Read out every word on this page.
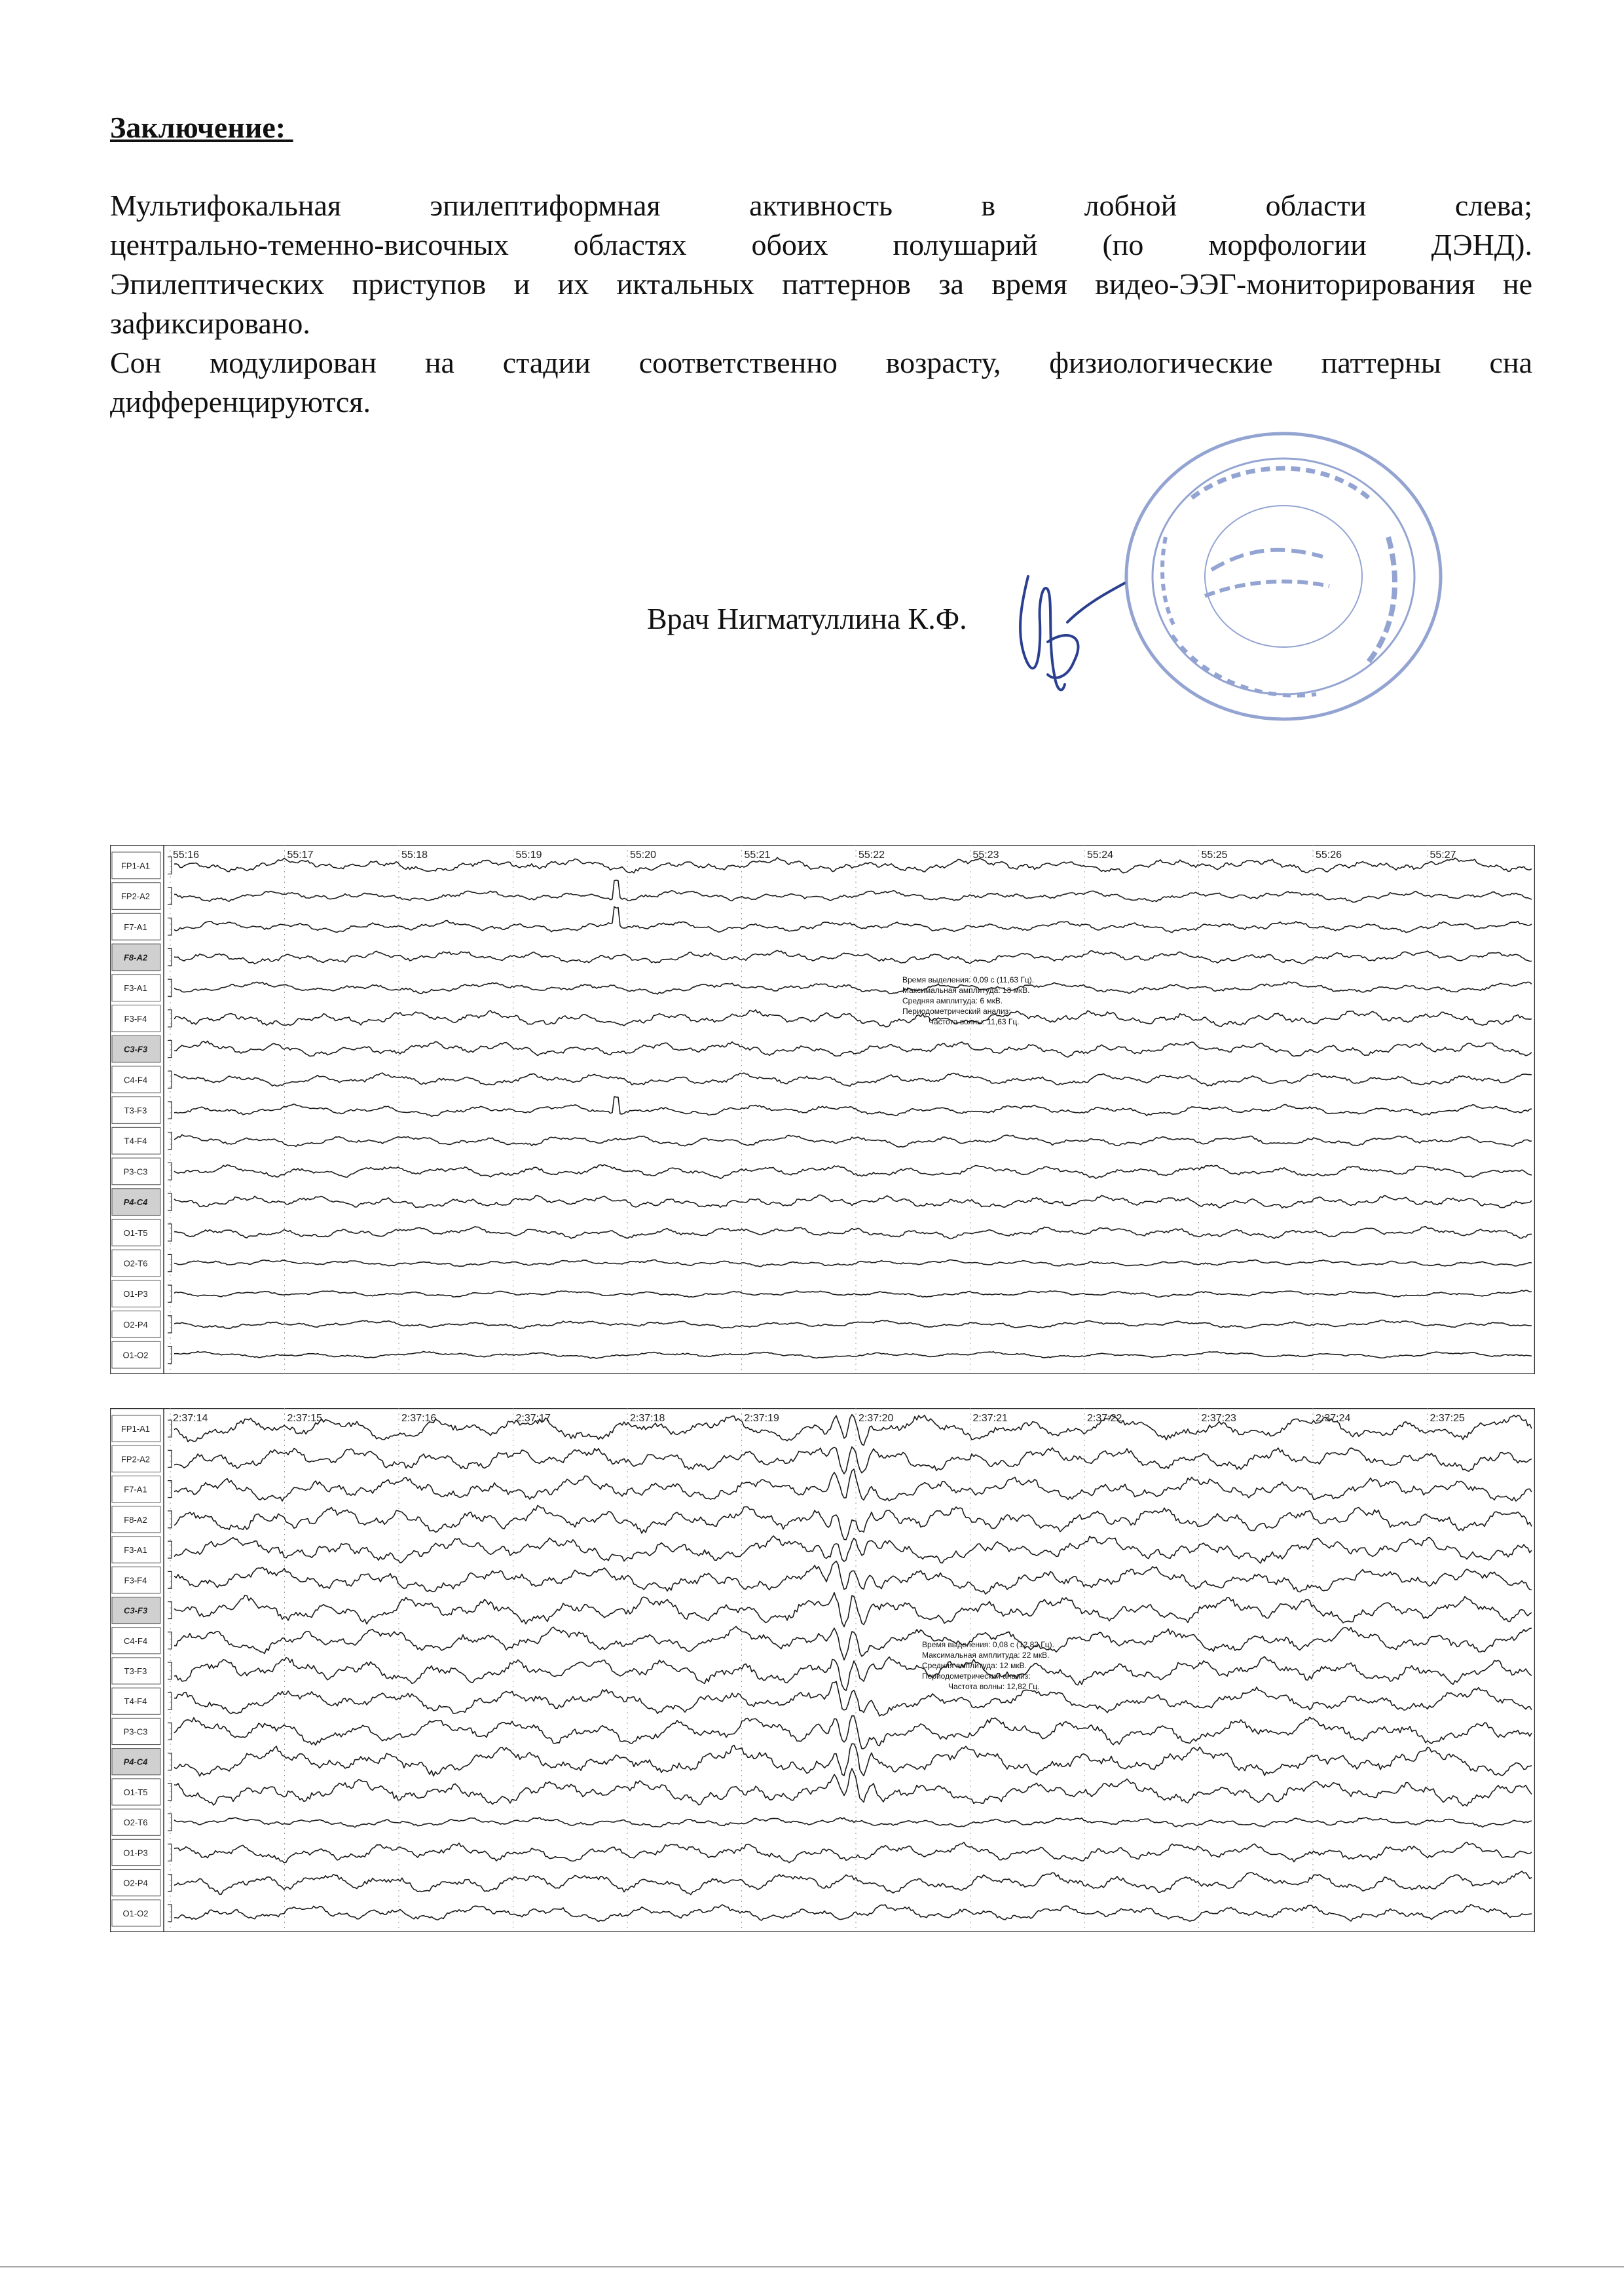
Заключение:

Мультифокальная эпилептиформная активность в лобной области слева;
центрально-теменно-височных областях обоих полушарий (по морфологии ДЭНД).

Эпилептических приступов и их иктальных паттернов за время видео-ЭЭГ-мониторирования не
зафиксировано.

Сон модулирован на стадии соответственно возрасту, физиологические паттерны сна
дифференцируются.

Врач Нигматуллина К.Ф.
55:16	55:17	55:18	55:19	55:20	55:21	55:22	55:23	55:24	55:25	55:26	55:27
FP1-A1
FP2-A2
F7-A1
F8-A2
F3-A1
F3-F4
C3-F3
C4-F4
T3-F3
T4-F4
P3-C3
P4-C4
O1-T5
O2-T6
O1-P3
O2-P4
O1-O2
Время выделения: 0,09 с (11,63 Гц).
Максимальная амплитуда: 13 мкВ.
Средняя амплитуда: 6 мкВ.
Периодометрический анализ:
Частота волны: 11,63 Гц.
2:37:14	2:37:15	2:37:16	2:37:17	2:37:18	2:37:19	2:37:20	2:37:21	2:37:22	2:37:23	2:37:24	2:37:25
FP1-A1
FP2-A2
F7-A1
F8-A2
F3-A1
F3-F4
C3-F3
C4-F4
T3-F3
T4-F4
P3-C3
P4-C4
O1-T5
O2-T6
O1-P3
O2-P4
O1-O2
Время выделения: 0,08 с (12,82 Гц).
Максимальная амплитуда: 22 мкВ.
Средняя амплитуда: 12 мкВ.
Периодометрический анализ:
Частота волны: 12,82 Гц.
